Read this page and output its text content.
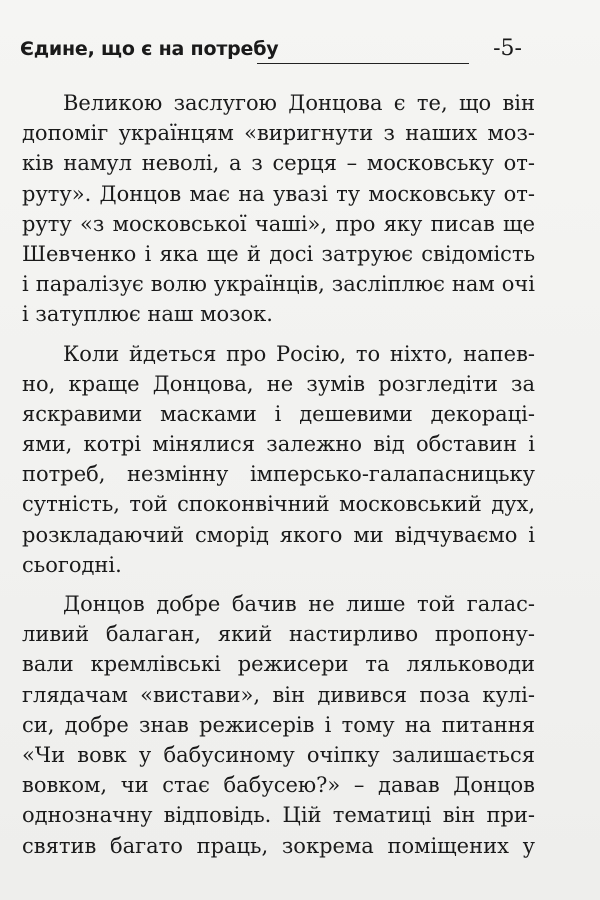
Єдине, що є на потребу	-5-

Великою заслугою Донцова є те, що він
допоміг українцям «виригнути з наших моз-
ків намул неволі, а з серця – московську от-
руту». Донцов має на увазі ту московську от-
руту «з московської чаші», про яку писав ще
Шевченко і яка ще й досі затруює свідомість
і паралізує волю українців, засліплює нам очі
і затуплює наш мозок.

Коли йдеться про Росію, то ніхто, напев-
но, краще Донцова, не зумів розгледіти за
яскравими масками і дешевими декораці-
ями, котрі мінялися залежно від обставин і
потреб, незмінну імперсько-галапасницьку
сутність, той споконвічний московський дух,
розкладаючий сморід якого ми відчуваємо і
сьогодні.

Донцов добре бачив не лише той галас-
ливий балаган, який настирливо пропону-
вали кремлівські режисери та ляльководи
глядачам «вистави», він дивився поза кулі-
си, добре знав режисерів і тому на питання
«Чи вовк у бабусиному очіпку залишається
вовком, чи стає бабусею?» – давав Донцов
однозначну відповідь. Цій тематиці він при-
святив багато праць, зокрема поміщених у
